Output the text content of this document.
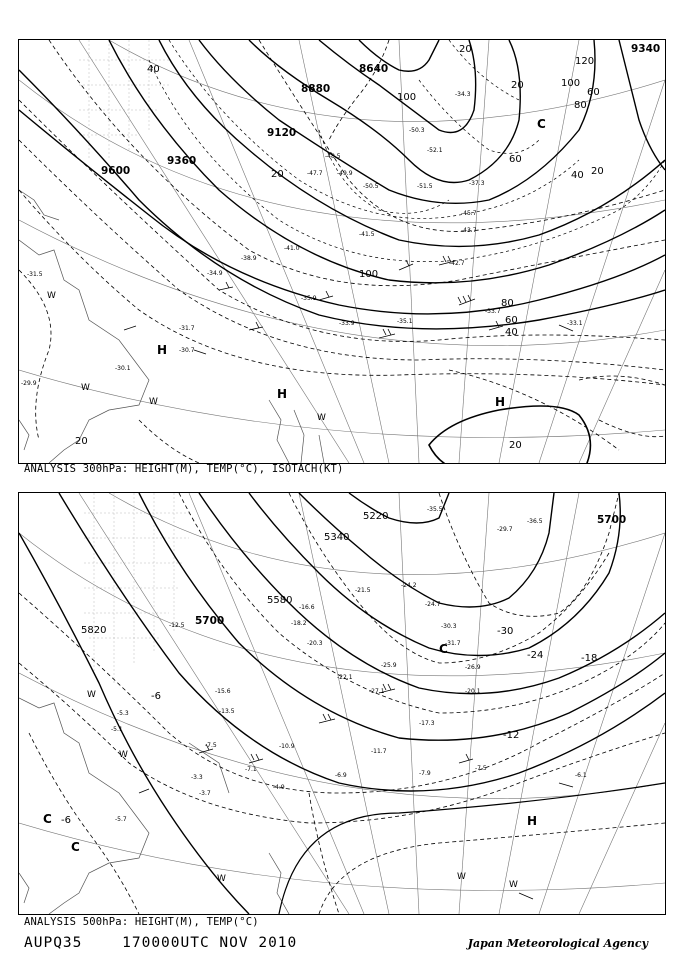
9600
9360
9120
8880
8640
9340
120
100
100
100
80
80
60
60
60
40
40
40
20
20
20	20
20	20
-31.5	-34.9
-35.9
-33.9	-35.1
-33.7
-38.9
-41.0
-41.5
-31.7
-30.7
-30.1
-29.9
-33.1
-51.5
-50.5
-45.7
-47.7 -49.9
-43.7
-48.5
-42.7
-52.1
-34.3
-50.3
-37.3
H
H
H
C
W
W
W
W
ANALYSIS 300hPa: HEIGHT(M), TEMP(°C), ISOTACH(KT)
5820
5700
5580
5340
5220	5700
-30
-24	-18
-12
-6
-6
-35.5
-29.7
-36.5
-24.2
-24.7
-21.5
-16.6
-18.2
-20.3
-22.1
-25.9
-27.1
-30.3
-31.7
-26.9
-20.1
-17.3
-15.6
-13.5
-10.9
-11.7
-7.9
-7.5
-6.1
-6.9
-4.9
-5.3
-5.1
-5.7
-7.1
-3.7
-3.3
-7.5
-12.5
C
C
C
H
W
W	W
W
W
ANALYSIS 500hPa: HEIGHT(M), TEMP(°C)
AUPQ35	170000UTC NOV 2010	Japan Meteorological Agency
